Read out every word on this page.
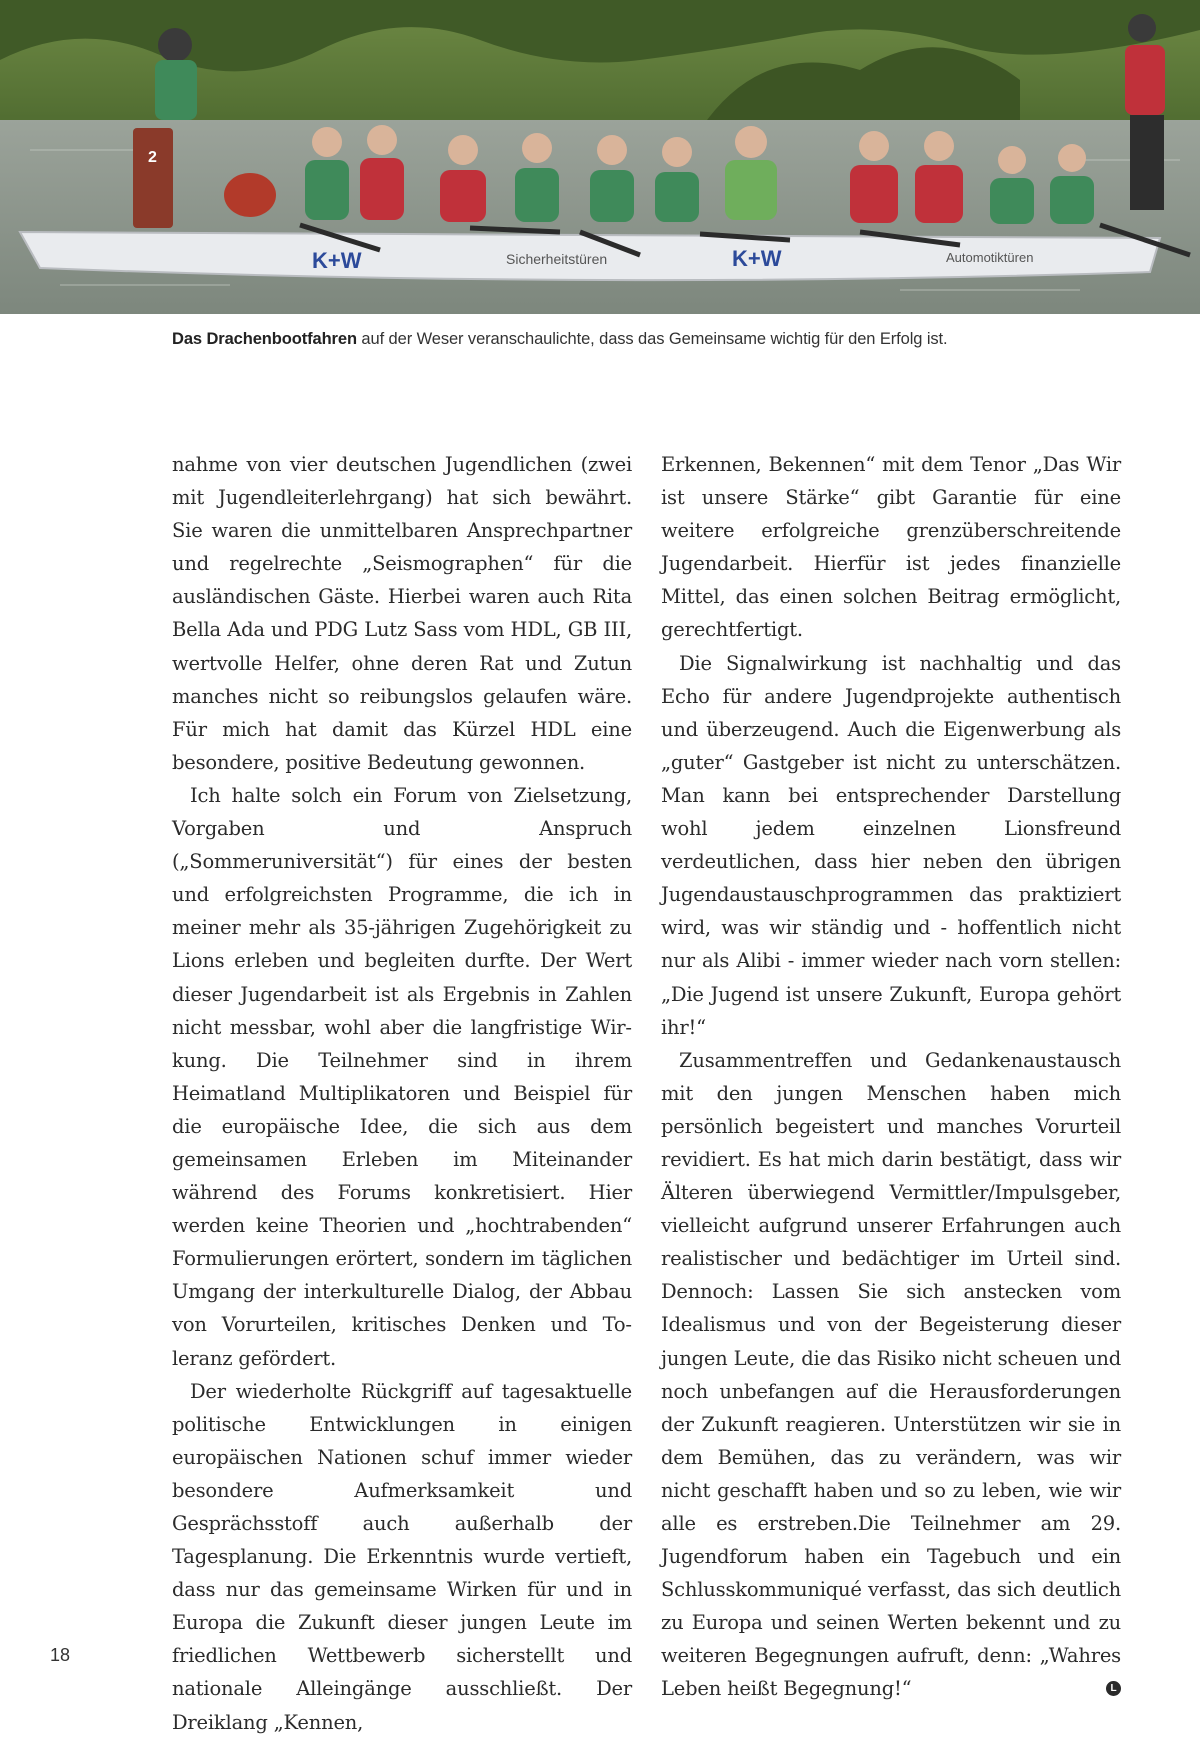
2
K+W	Sicherheitstüren	K+W	Automotiktüren
Das Drachenbootfahren auf der Weser veranschaulichte, dass das Gemeinsame wichtig für den Erfolg ist.

nahme von vier deutschen Jugendlichen (zwei mit Jugendleiterlehrgang) hat sich bewährt. Sie waren die unmittelbaren Ansprechpartner und regelrechte „Seismographen“ für die ausländischen Gäste. Hierbei waren auch Rita Bella Ada und PDG Lutz Sass vom HDL, GB III, wertvolle Helfer, ohne deren Rat und Zutun manches nicht so reibungslos gelaufen wäre. Für mich hat damit das Kürzel HDL eine besondere, positive Bedeutung gewonnen.

Ich halte solch ein Forum von Zielsetzung, Vorgaben und Anspruch („Sommeruniversität“) für eines der besten und erfolgreichsten Programme, die ich in meiner mehr als 35-jährigen Zugehörigkeit zu Lions erleben und begleiten durfte. Der Wert dieser Jugendarbeit ist als Ergebnis in Zahlen nicht messbar, wohl aber die langfristige Wirkung. Die Teilnehmer sind in ihrem Heimatland Multiplikatoren und Beispiel für die europäische Idee, die sich aus dem gemeinsamen Erleben im Miteinander während des Forums konkretisiert. Hier werden keine Theorien und „hochtrabenden“ Formulierungen erörtert, sondern im täglichen Umgang der interkulturelle Dialog, der Abbau von Vorurteilen, kritisches Denken und Toleranz gefördert.

Der wiederholte Rückgriff auf tagesaktuelle politische Entwicklungen in einigen europäischen Nationen schuf immer wieder besondere Aufmerksamkeit und Gesprächsstoff auch außerhalb der Tagesplanung. Die Erkenntnis wurde vertieft, dass nur das gemeinsame Wirken für und in Europa die Zukunft dieser jungen Leute im friedlichen Wettbewerb sicherstellt und nationale Alleingänge ausschließt. Der Dreiklang „Kennen,

Erkennen, Bekennen“ mit dem Tenor „Das Wir ist unsere Stärke“ gibt Garantie für eine weitere erfolgreiche grenzüberschreitende Jugendarbeit. Hierfür ist jedes finanzielle Mittel, das einen solchen Beitrag ermöglicht, gerechtfertigt.

Die Signalwirkung ist nachhaltig und das Echo für andere Jugendprojekte authentisch und überzeugend. Auch die Eigenwerbung als „guter“ Gastgeber ist nicht zu unterschätzen. Man kann bei entsprechender Darstellung wohl jedem einzelnen Lionsfreund verdeutlichen, dass hier neben den übrigen Jugendaustauschprogrammen das praktiziert wird, was wir ständig und - hoffentlich nicht nur als Alibi - immer wieder nach vorn stellen: „Die Jugend ist unsere Zukunft, Europa gehört ihr!“

Zusammentreffen und Gedankenaustausch mit den jungen Menschen haben mich persönlich begeistert und manches Vorurteil revidiert. Es hat mich darin bestätigt, dass wir Älteren überwiegend Vermittler/Impulsgeber, vielleicht aufgrund unserer Erfahrungen auch realistischer und bedächtiger im Urteil sind. Dennoch: Lassen Sie sich anstecken vom Idealismus und von der Begeisterung dieser jungen Leute, die das Risiko nicht scheuen und noch unbefangen auf die Herausforderungen der Zukunft reagieren. Unterstützen wir sie in dem Bemühen, das zu verändern, was wir nicht geschafft haben und so zu leben, wie wir alle es erstreben.Die Teilnehmer am 29. Jugendforum haben ein Tagebuch und ein Schlusskommuniqué verfasst, das sich deutlich zu Europa und seinen Werten bekennt und zu weiteren Begegnungen aufruft, denn: „Wahres Leben heißt Begegnung!“	L

18
